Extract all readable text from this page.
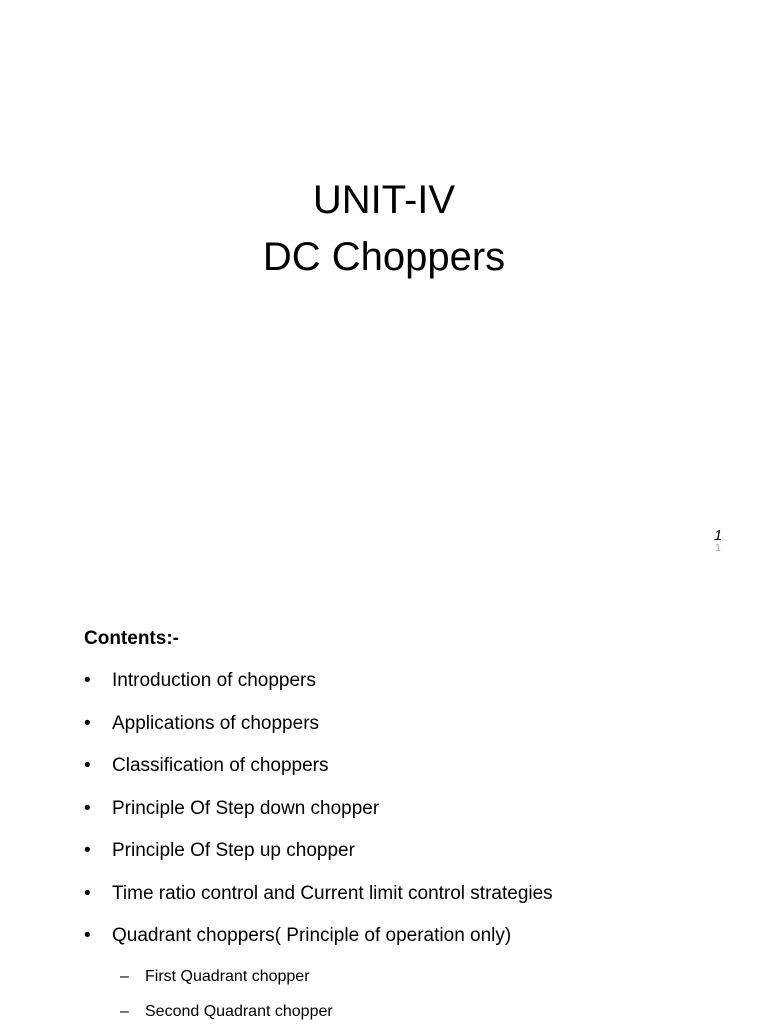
UNIT-IV
DC Choppers
1
1
Contents:-
• Introduction of choppers
• Applications of choppers
• Classification of choppers
• Principle Of Step down chopper
• Principle Of Step up chopper
• Time ratio control and Current limit control strategies
• Quadrant choppers( Principle of operation only)
– First Quadrant chopper
– Second Quadrant chopper
